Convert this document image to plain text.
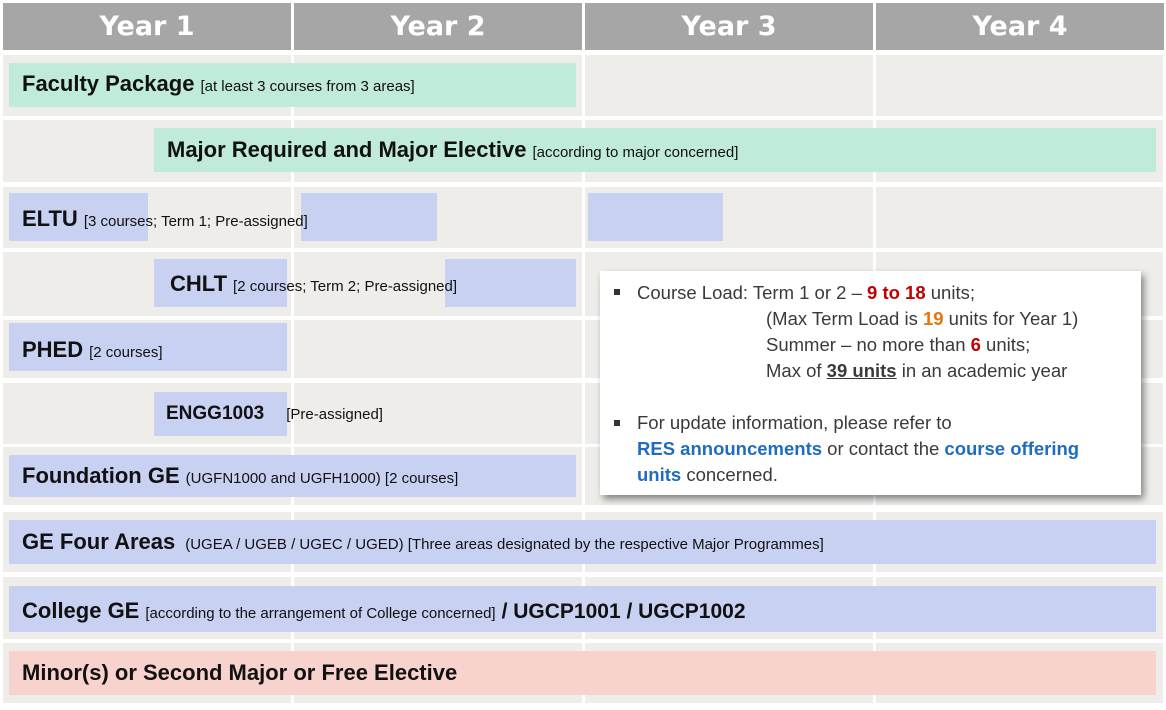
Year 1	Year 2	Year 3	Year 4
Faculty Package [at least 3 courses from 3 areas]
Major Required and Major Elective [according to major concerned]
ELTU [3 courses; Term 1; Pre-assigned]
CHLT [2 courses; Term 2; Pre-assigned]
PHED [2 courses]
ENGG1003 [Pre-assigned]
Foundation GE (UGFN1000 and UGFH1000) [2 courses]
GE Four Areas (UGEA / UGEB / UGEC / UGED) [Three areas designated by the respective Major Programmes]
College GE [according to the arrangement of College concerned] / UGCP1001 / UGCP1002
Minor(s) or Second Major or Free Elective
Course Load: Term 1 or 2 – 9 to 18 units;
(Max Term Load is 19 units for Year 1)
Summer – no more than 6 units;
Max of 39 units in an academic year
For update information, please refer to
RES announcements or contact the course offering
units concerned.
